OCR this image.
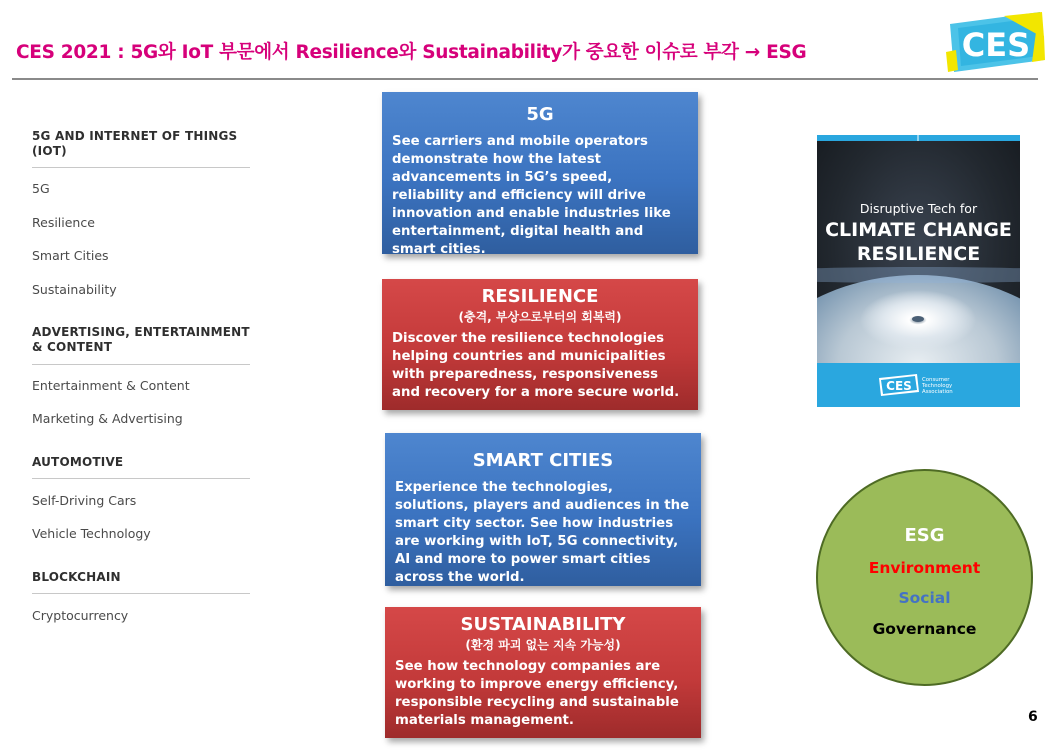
CES 2021 : 5G와 IoT 부문에서 Resilience와 Sustainability가 중요한 이슈로 부각 → ESG	CES
5G AND INTERNET OF THINGS (IOT)
5G
Resilience
Smart Cities
Sustainability
ADVERTISING, ENTERTAINMENT & CONTENT
Entertainment & Content
Marketing & Advertising
AUTOMOTIVE
Self-Driving Cars
Vehicle Technology
BLOCKCHAIN
Cryptocurrency
5G
See carriers and mobile operators demonstrate how the latest advancements in 5G’s speed, reliability and efficiency will drive innovation and enable industries like entertainment, digital health and smart cities.
RESILIENCE
(충격, 부상으로부터의 회복력)
Discover the resilience technologies helping countries and municipalities with preparedness, responsiveness and recovery for a more secure world.
SMART CITIES
Experience the technologies, solutions, players and audiences in the smart city sector. See how industries are working with IoT, 5G connectivity, AI and more to power smart cities across the world.
SUSTAINABILITY
(환경 파괴 없는 지속 가능성)
See how technology companies are working to improve energy efficiency, responsible recycling and sustainable materials management.
Disruptive Tech for
CLIMATE CHANGE
RESILIENCE
CES Consumer Technology Association
ESG
Environment
Social
Governance
6
